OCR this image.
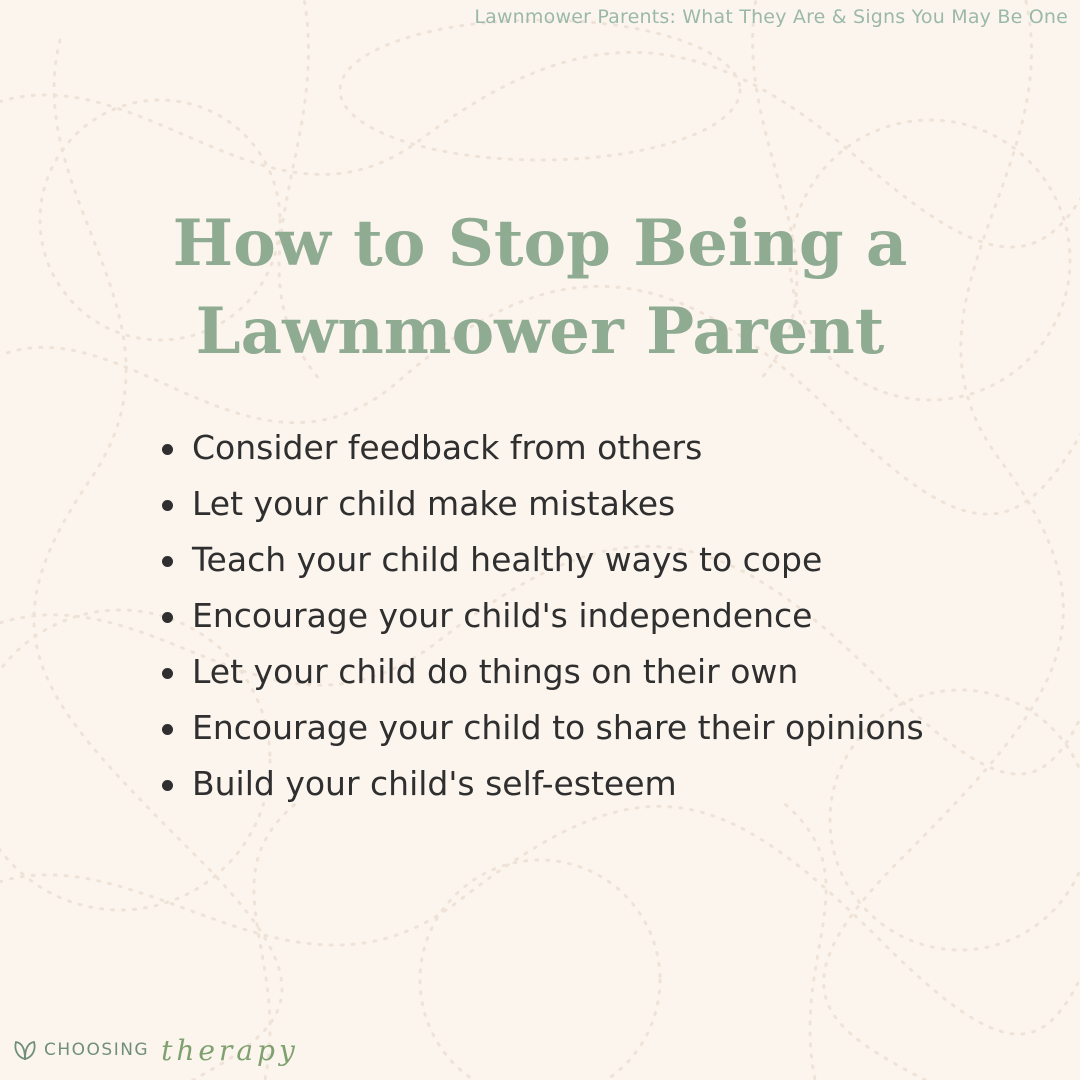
Lawnmower Parents: What They Are & Signs You May Be One
How to Stop Being a
Lawnmower Parent
Consider feedback from others
Let your child make mistakes
Teach your child healthy ways to cope
Encourage your child's independence
Let your child do things on their own
Encourage your child to share their opinions
Build your child's self-esteem
CHOOSING therapy
